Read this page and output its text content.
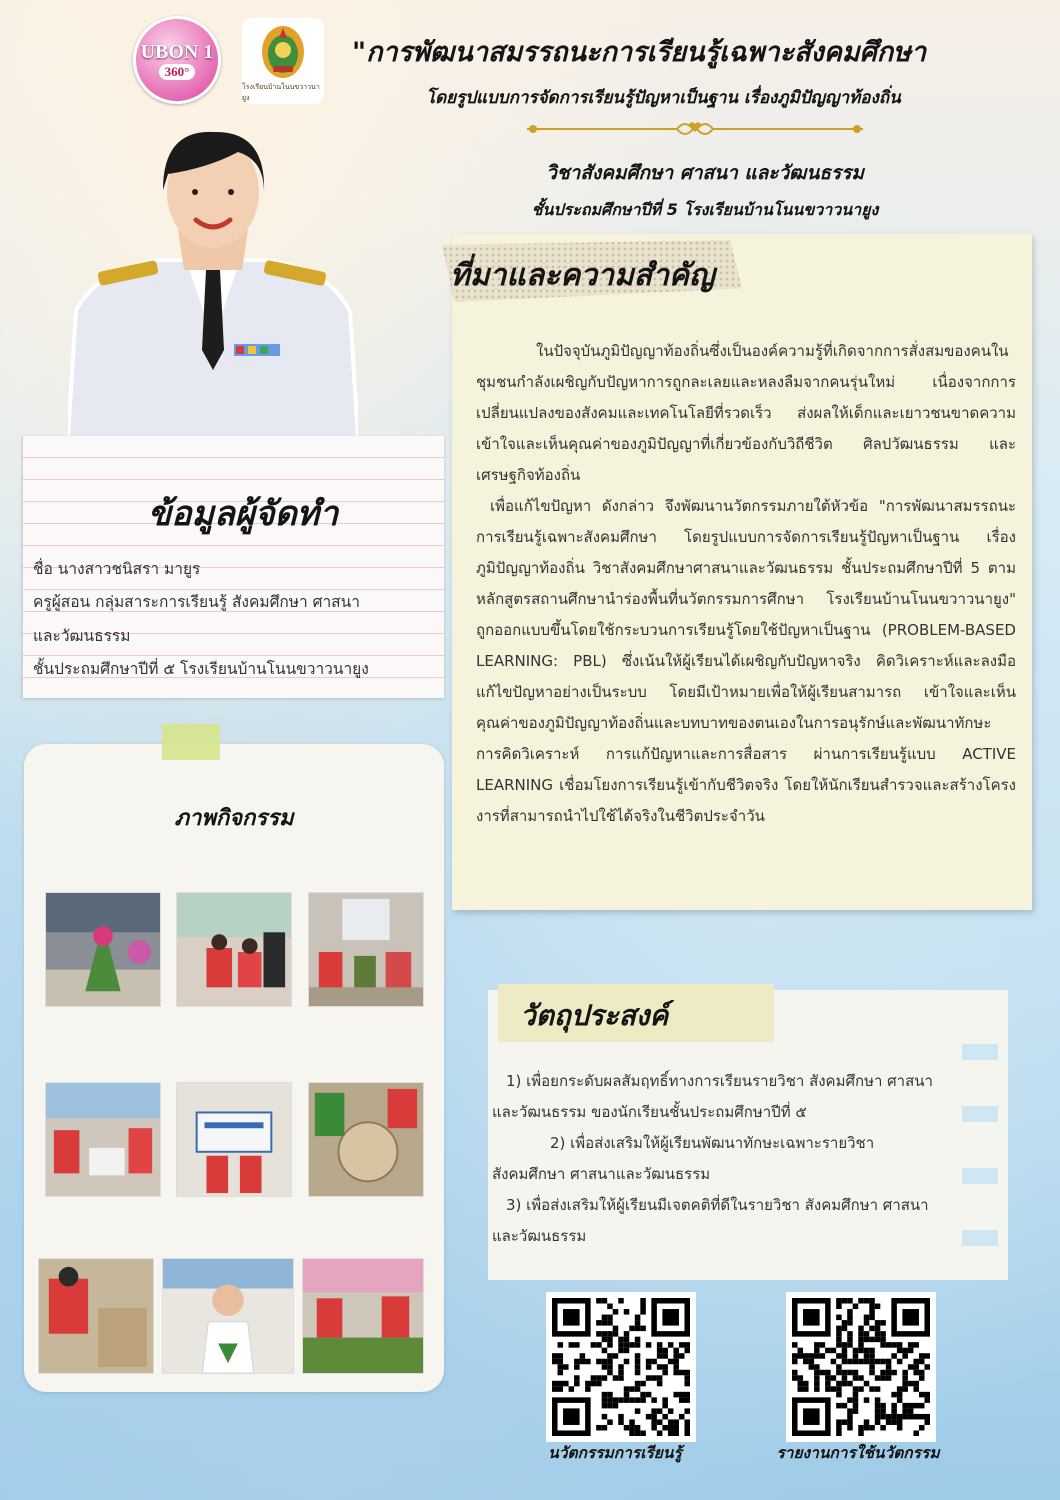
UBON 1
360°
โรงเรียนบ้านโนนขวาวนายูง
"การพัฒนาสมรรถนะการเรียนรู้เฉพาะสังคมศึกษา
โดยรูปแบบการจัดการเรียนรู้ปัญหาเป็นฐาน เรื่องภูมิปัญญาท้องถิ่น
วิชาสังคมศึกษา ศาสนา และวัฒนธรรม
ชั้นประถมศึกษาปีที่ 5 โรงเรียนบ้านโนนขวาวนายูง
ข้อมูลผู้จัดทำ
ชื่อ นางสาวชนิสรา มายูร
ครูผู้สอน กลุ่มสาระการเรียนรู้ สังคมศึกษา ศาสนา
และวัฒนธรรม
ชั้นประถมศึกษาปีที่ ๕ โรงเรียนบ้านโนนขวาวนายูง
ภาพกิจกรรม
ที่มาและความสำคัญ

ในปัจจุบันภูมิปัญญาท้องถิ่นซึ่งเป็นองค์ความรู้ที่เกิดจากการสั่งสมของคนในชุมชนกำลังเผชิญกับปัญหาการถูกละเลยและหลงลืมจากคนรุ่นใหม่ เนื่องจากการเปลี่ยนแปลงของสังคมและเทคโนโลยีที่รวดเร็ว ส่งผลให้เด็กและเยาวชนขาดความเข้าใจและเห็นคุณค่าของภูมิปัญญาที่เกี่ยวข้องกับวิถีชีวิต ศิลปวัฒนธรรม และเศรษฐกิจท้องถิ่น

เพื่อแก้ไขปัญหา ดังกล่าว จึงพัฒนานวัตกรรมภายใต้หัวข้อ "การพัฒนาสมรรถนะการเรียนรู้เฉพาะสังคมศึกษา โดยรูปแบบการจัดการเรียนรู้ปัญหาเป็นฐาน เรื่องภูมิปัญญาท้องถิ่น วิชาสังคมศึกษาศาสนาและวัฒนธรรม ชั้นประถมศึกษาปีที่ 5 ตามหลักสูตรสถานศึกษานำร่องพื้นที่นวัตกรรมการศึกษา โรงเรียนบ้านโนนขวาวนายูง" ถูกออกแบบขึ้นโดยใช้กระบวนการเรียนรู้โดยใช้ปัญหาเป็นฐาน (PROBLEM-BASED LEARNING: PBL) ซึ่งเน้นให้ผู้เรียนได้เผชิญกับปัญหาจริง คิดวิเคราะห์และลงมือแก้ไขปัญหาอย่างเป็นระบบ โดยมีเป้าหมายเพื่อให้ผู้เรียนสามารถ เข้าใจและเห็นคุณค่าของภูมิปัญญาท้องถิ่นและบทบาทของตนเองในการอนุรักษ์และพัฒนาทักษะการคิดวิเคราะห์ การแก้ปัญหาและการสื่อสาร ผ่านการเรียนรู้แบบ ACTIVE LEARNING เชื่อมโยงการเรียนรู้เข้ากับชีวิตจริง โดยให้นักเรียนสำรวจและสร้างโครงงารที่สามารถนำไปใช้ได้จริงในชีวิตประจำวัน

วัตถุประสงค์

1) เพื่อยกระดับผลสัมฤทธิ์ทางการเรียนรายวิชา สังคมศึกษา ศาสนาและวัฒนธรรม ของนักเรียนชั้นประถมศึกษาปีที่ ๕

2) เพื่อส่งเสริมให้ผู้เรียนพัฒนาทักษะเฉพาะรายวิชา สังคมศึกษา ศาสนาและวัฒนธรรม

3) เพื่อส่งเสริมให้ผู้เรียนมีเจตคติที่ดีในรายวิชา สังคมศึกษา ศาสนาและวัฒนธรรม

นวัตกรรมการเรียนรู้	รายงานการใช้นวัตกรรม
